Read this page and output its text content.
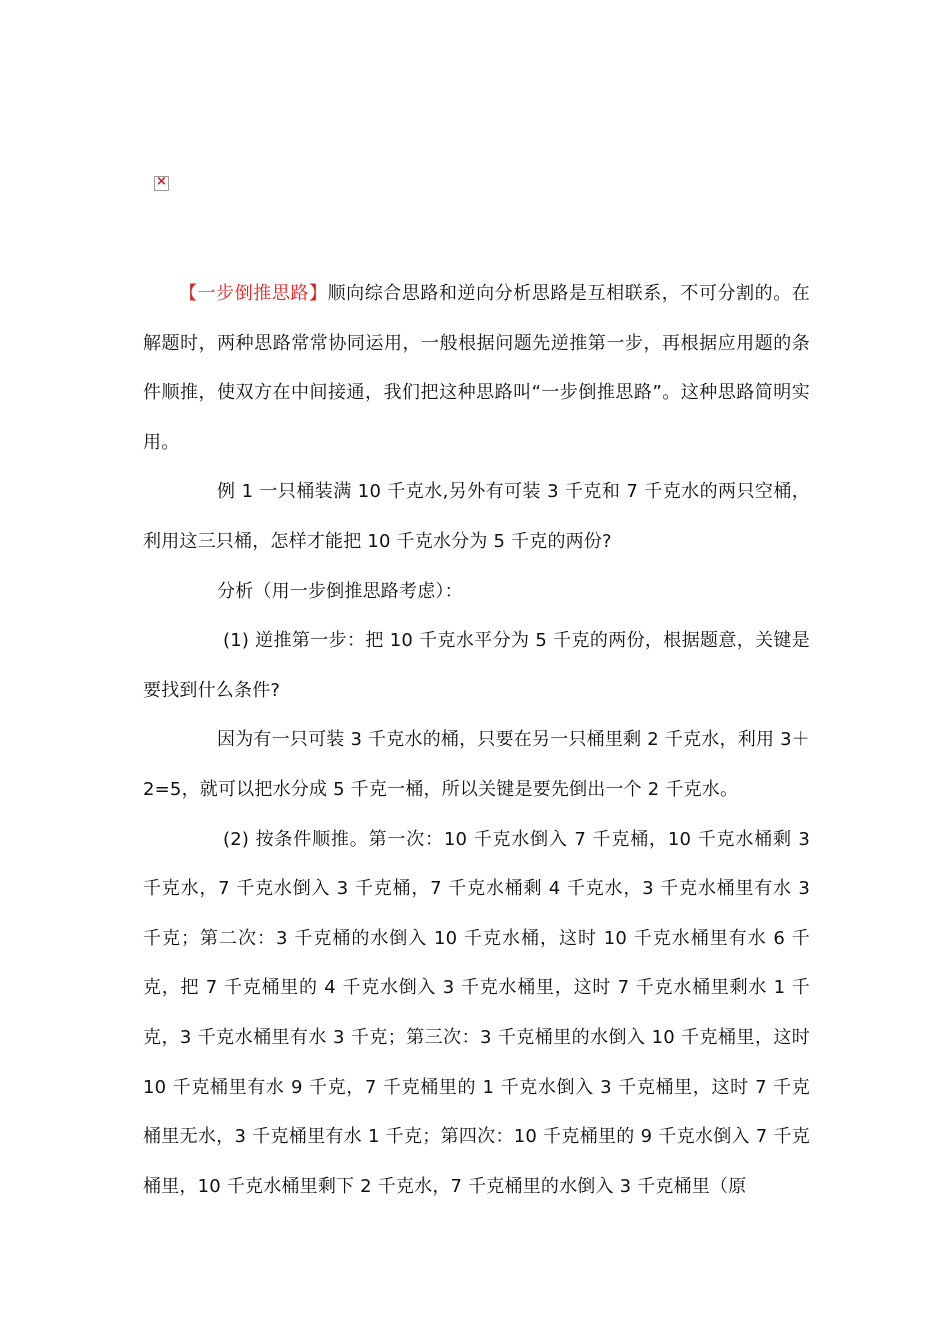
×

【一步倒推思路】顺向综合思路和逆向分析思路是互相联系，不可分割的。在解题时，两种思路常常协同运用，一般根据问题先逆推第一步，再根据应用题的条件顺推，使双方在中间接通，我们把这种思路叫“一步倒推思路”。这种思路简明实用。

例 1 一只桶装满 10 千克水,另外有可装 3 千克和 7 千克水的两只空桶，利用这三只桶，怎样才能把 10 千克水分为 5 千克的两份?

分析（用一步倒推思路考虑）：

(1) 逆推第一步：把 10 千克水平分为 5 千克的两份，根据题意，关键是要找到什么条件?

因为有一只可装 3 千克水的桶，只要在另一只桶里剩 2 千克水，利用 3＋2=5，就可以把水分成 5 千克一桶，所以关键是要先倒出一个 2 千克水。

(2) 按条件顺推。第一次：10 千克水倒入 7 千克桶，10 千克水桶剩 3 千克水，7 千克水倒入 3 千克桶，7 千克水桶剩 4 千克水，3 千克水桶里有水 3 千克；第二次：3 千克桶的水倒入 10 千克水桶，这时 10 千克水桶里有水 6 千克，把 7 千克桶里的 4 千克水倒入 3 千克水桶里，这时 7 千克水桶里剩水 1 千克，3 千克水桶里有水 3 千克；第三次：3 千克桶里的水倒入 10 千克桶里，这时 10 千克桶里有水 9 千克，7 千克桶里的 1 千克水倒入 3 千克桶里，这时 7 千克桶里无水，3 千克桶里有水 1 千克；第四次：10 千克桶里的 9 千克水倒入 7 千克桶里，10 千克水桶里剩下 2 千克水，7 千克桶里的水倒入 3 千克桶里（原
